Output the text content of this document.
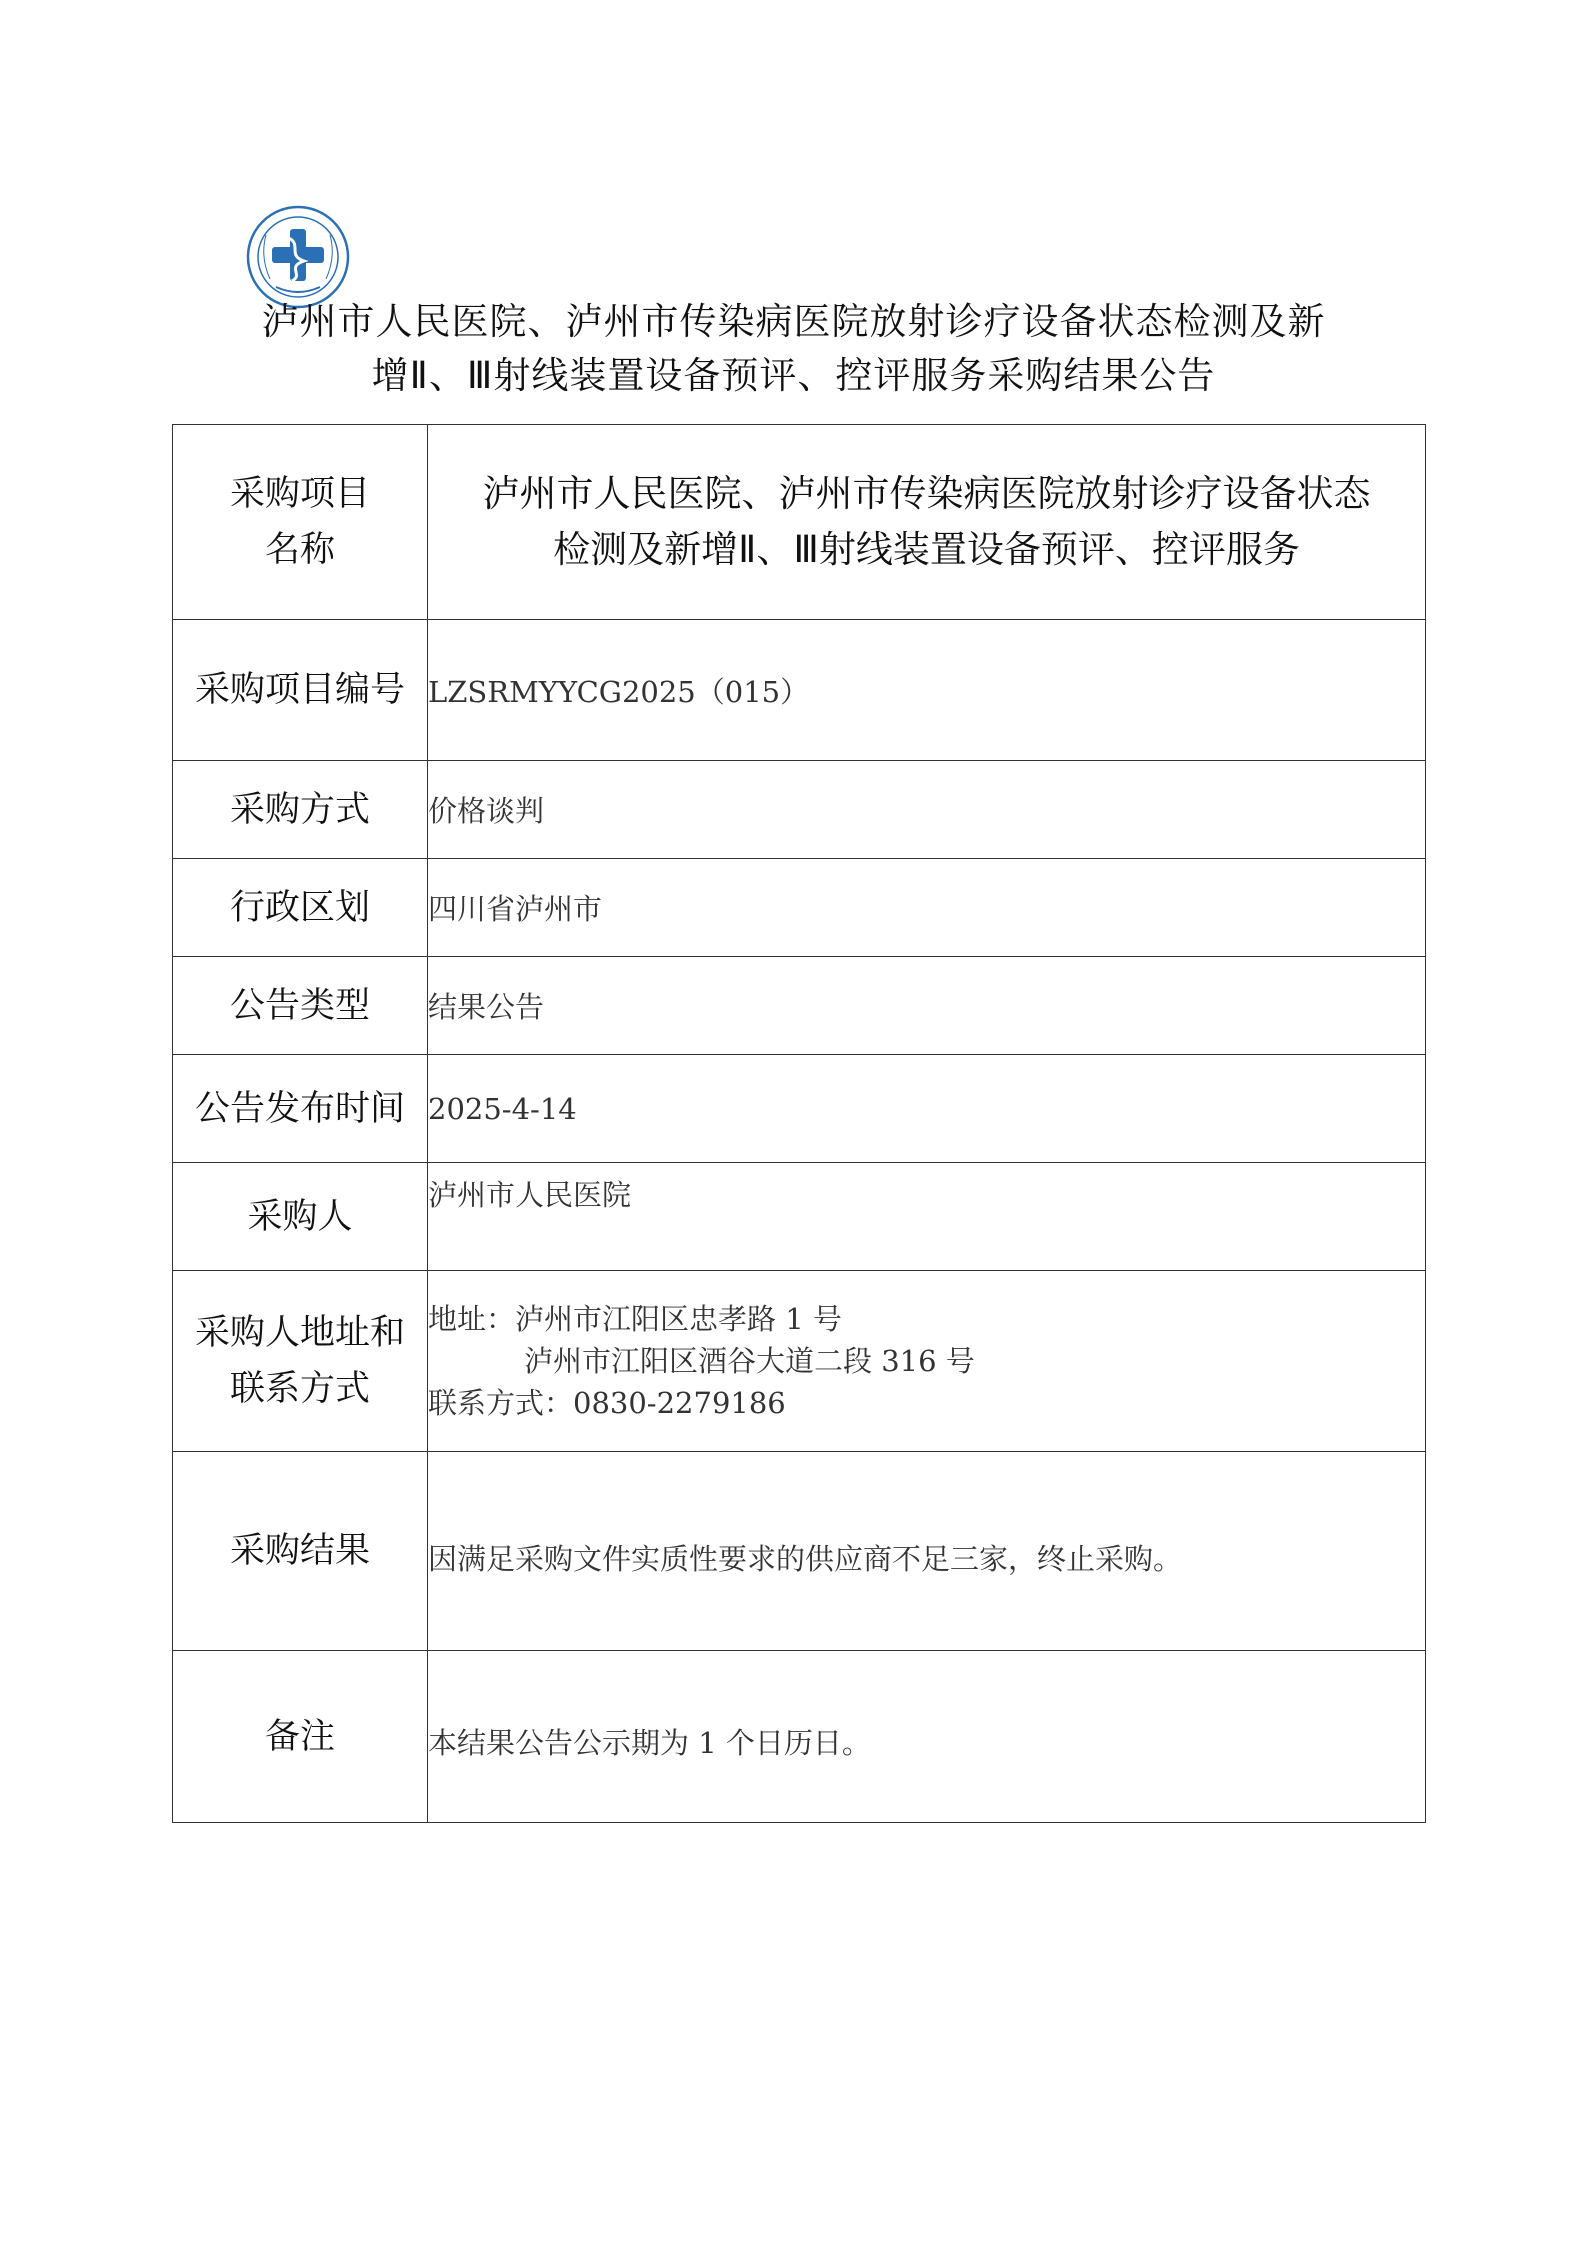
泸州市人民医院、泸州市传染病医院放射诊疗设备状态检测及新
增Ⅱ、Ⅲ射线装置设备预评、控评服务采购结果公告
采购项目
名称	泸州市人民医院、泸州市传染病医院放射诊疗设备状态
检测及新增Ⅱ、Ⅲ射线装置设备预评、控评服务

采购项目编号	LZSRMYYCG2025（015）
采购方式	价格谈判
行政区划	四川省泸州市
公告类型	结果公告
公告发布时间	2025-4-14
采购人	泸州市人民医院

采购人地址和
联系方式	地址：泸州市江阳区忠孝路 1 号
泸州市江阳区酒谷大道二段 316 号
联系方式：0830-2279186

采购结果	因满足采购文件实质性要求的供应商不足三家，终止采购。

备注	本结果公告公示期为 1 个日历日。
